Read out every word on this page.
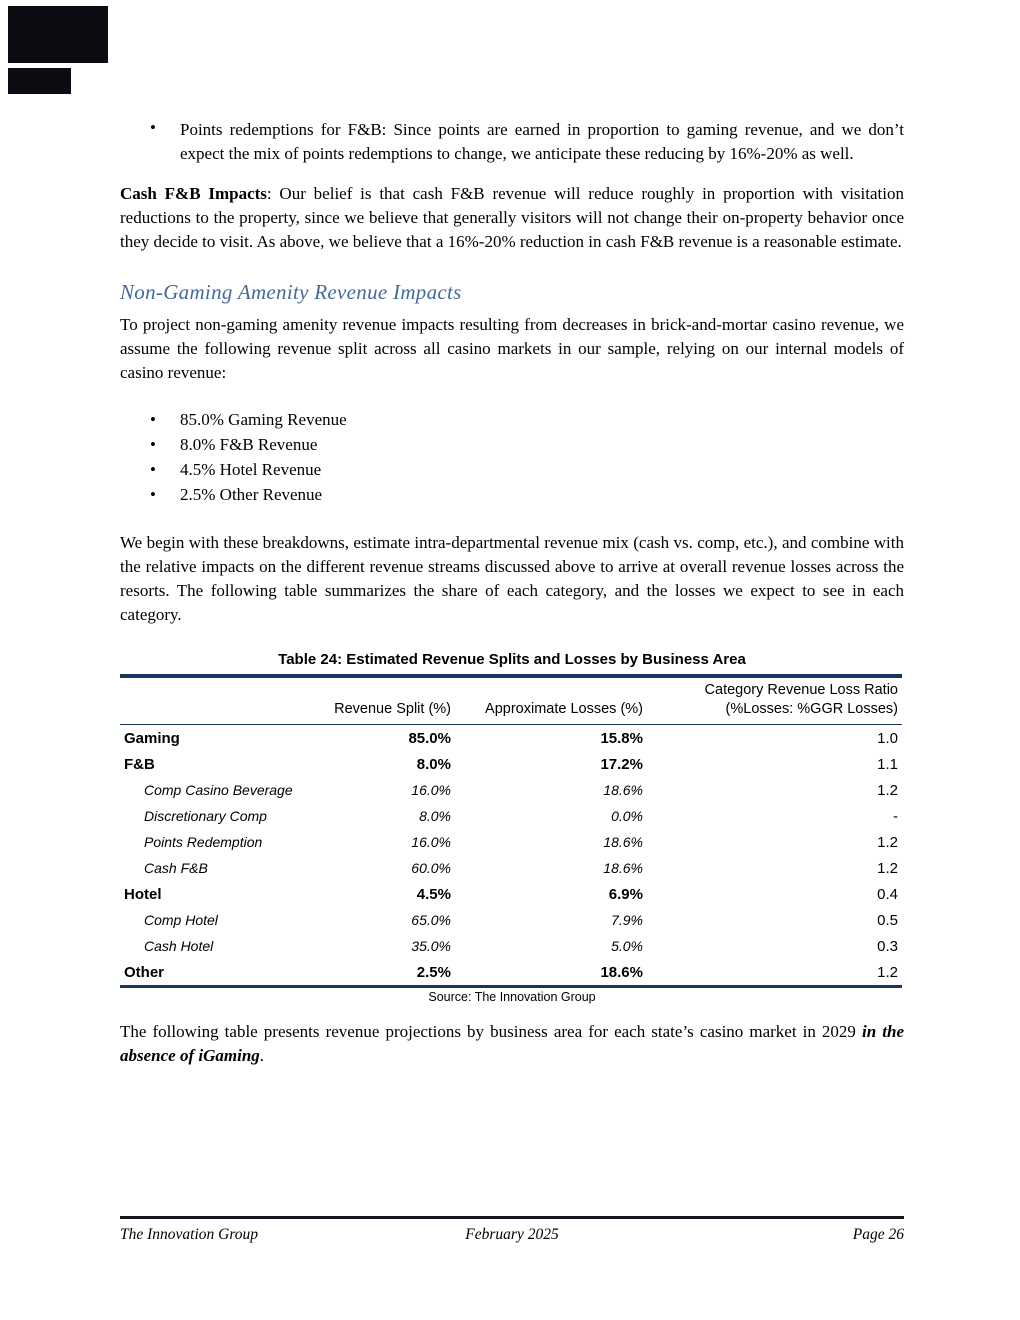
• Points redemptions for F&B: Since points are earned in proportion to gaming revenue, and we don’t expect the mix of points redemptions to change, we anticipate these reducing by 16%-20% as well.

Cash F&B Impacts: Our belief is that cash F&B revenue will reduce roughly in proportion with visitation reductions to the property, since we believe that generally visitors will not change their on-property behavior once they decide to visit. As above, we believe that a 16%-20% reduction in cash F&B revenue is a reasonable estimate.

Non-Gaming Amenity Revenue Impacts

To project non-gaming amenity revenue impacts resulting from decreases in brick-and-mortar casino revenue, we assume the following revenue split across all casino markets in our sample, relying on our internal models of casino revenue:

• 85.0% Gaming Revenue
• 8.0% F&B Revenue
• 4.5% Hotel Revenue
• 2.5% Other Revenue

We begin with these breakdowns, estimate intra-departmental revenue mix (cash vs. comp, etc.), and combine with the relative impacts on the different revenue streams discussed above to arrive at overall revenue losses across the resorts. The following table summarizes the share of each category, and the losses we expect to see in each category.

Table 24: Estimated Revenue Splits and Losses by Business Area
	Revenue Split (%)	Approximate Losses (%)	Category Revenue Loss Ratio
(%Losses: %GGR Losses)

Gaming	85.0%	15.8%	1.0
F&B	8.0%	17.2%	1.1
Comp Casino Beverage	16.0%	18.6%	1.2
Discretionary Comp	8.0%	0.0%	-
Points Redemption	16.0%	18.6%	1.2
Cash F&B	60.0%	18.6%	1.2
Hotel	4.5%	6.9%	0.4
Comp Hotel	65.0%	7.9%	0.5
Cash Hotel	35.0%	5.0%	0.3
Other	2.5%	18.6%	1.2
Source: The Innovation Group

The following table presents revenue projections by business area for each state’s casino market in 2029 in the absence of iGaming.

The Innovation Group	February 2025	Page 26
